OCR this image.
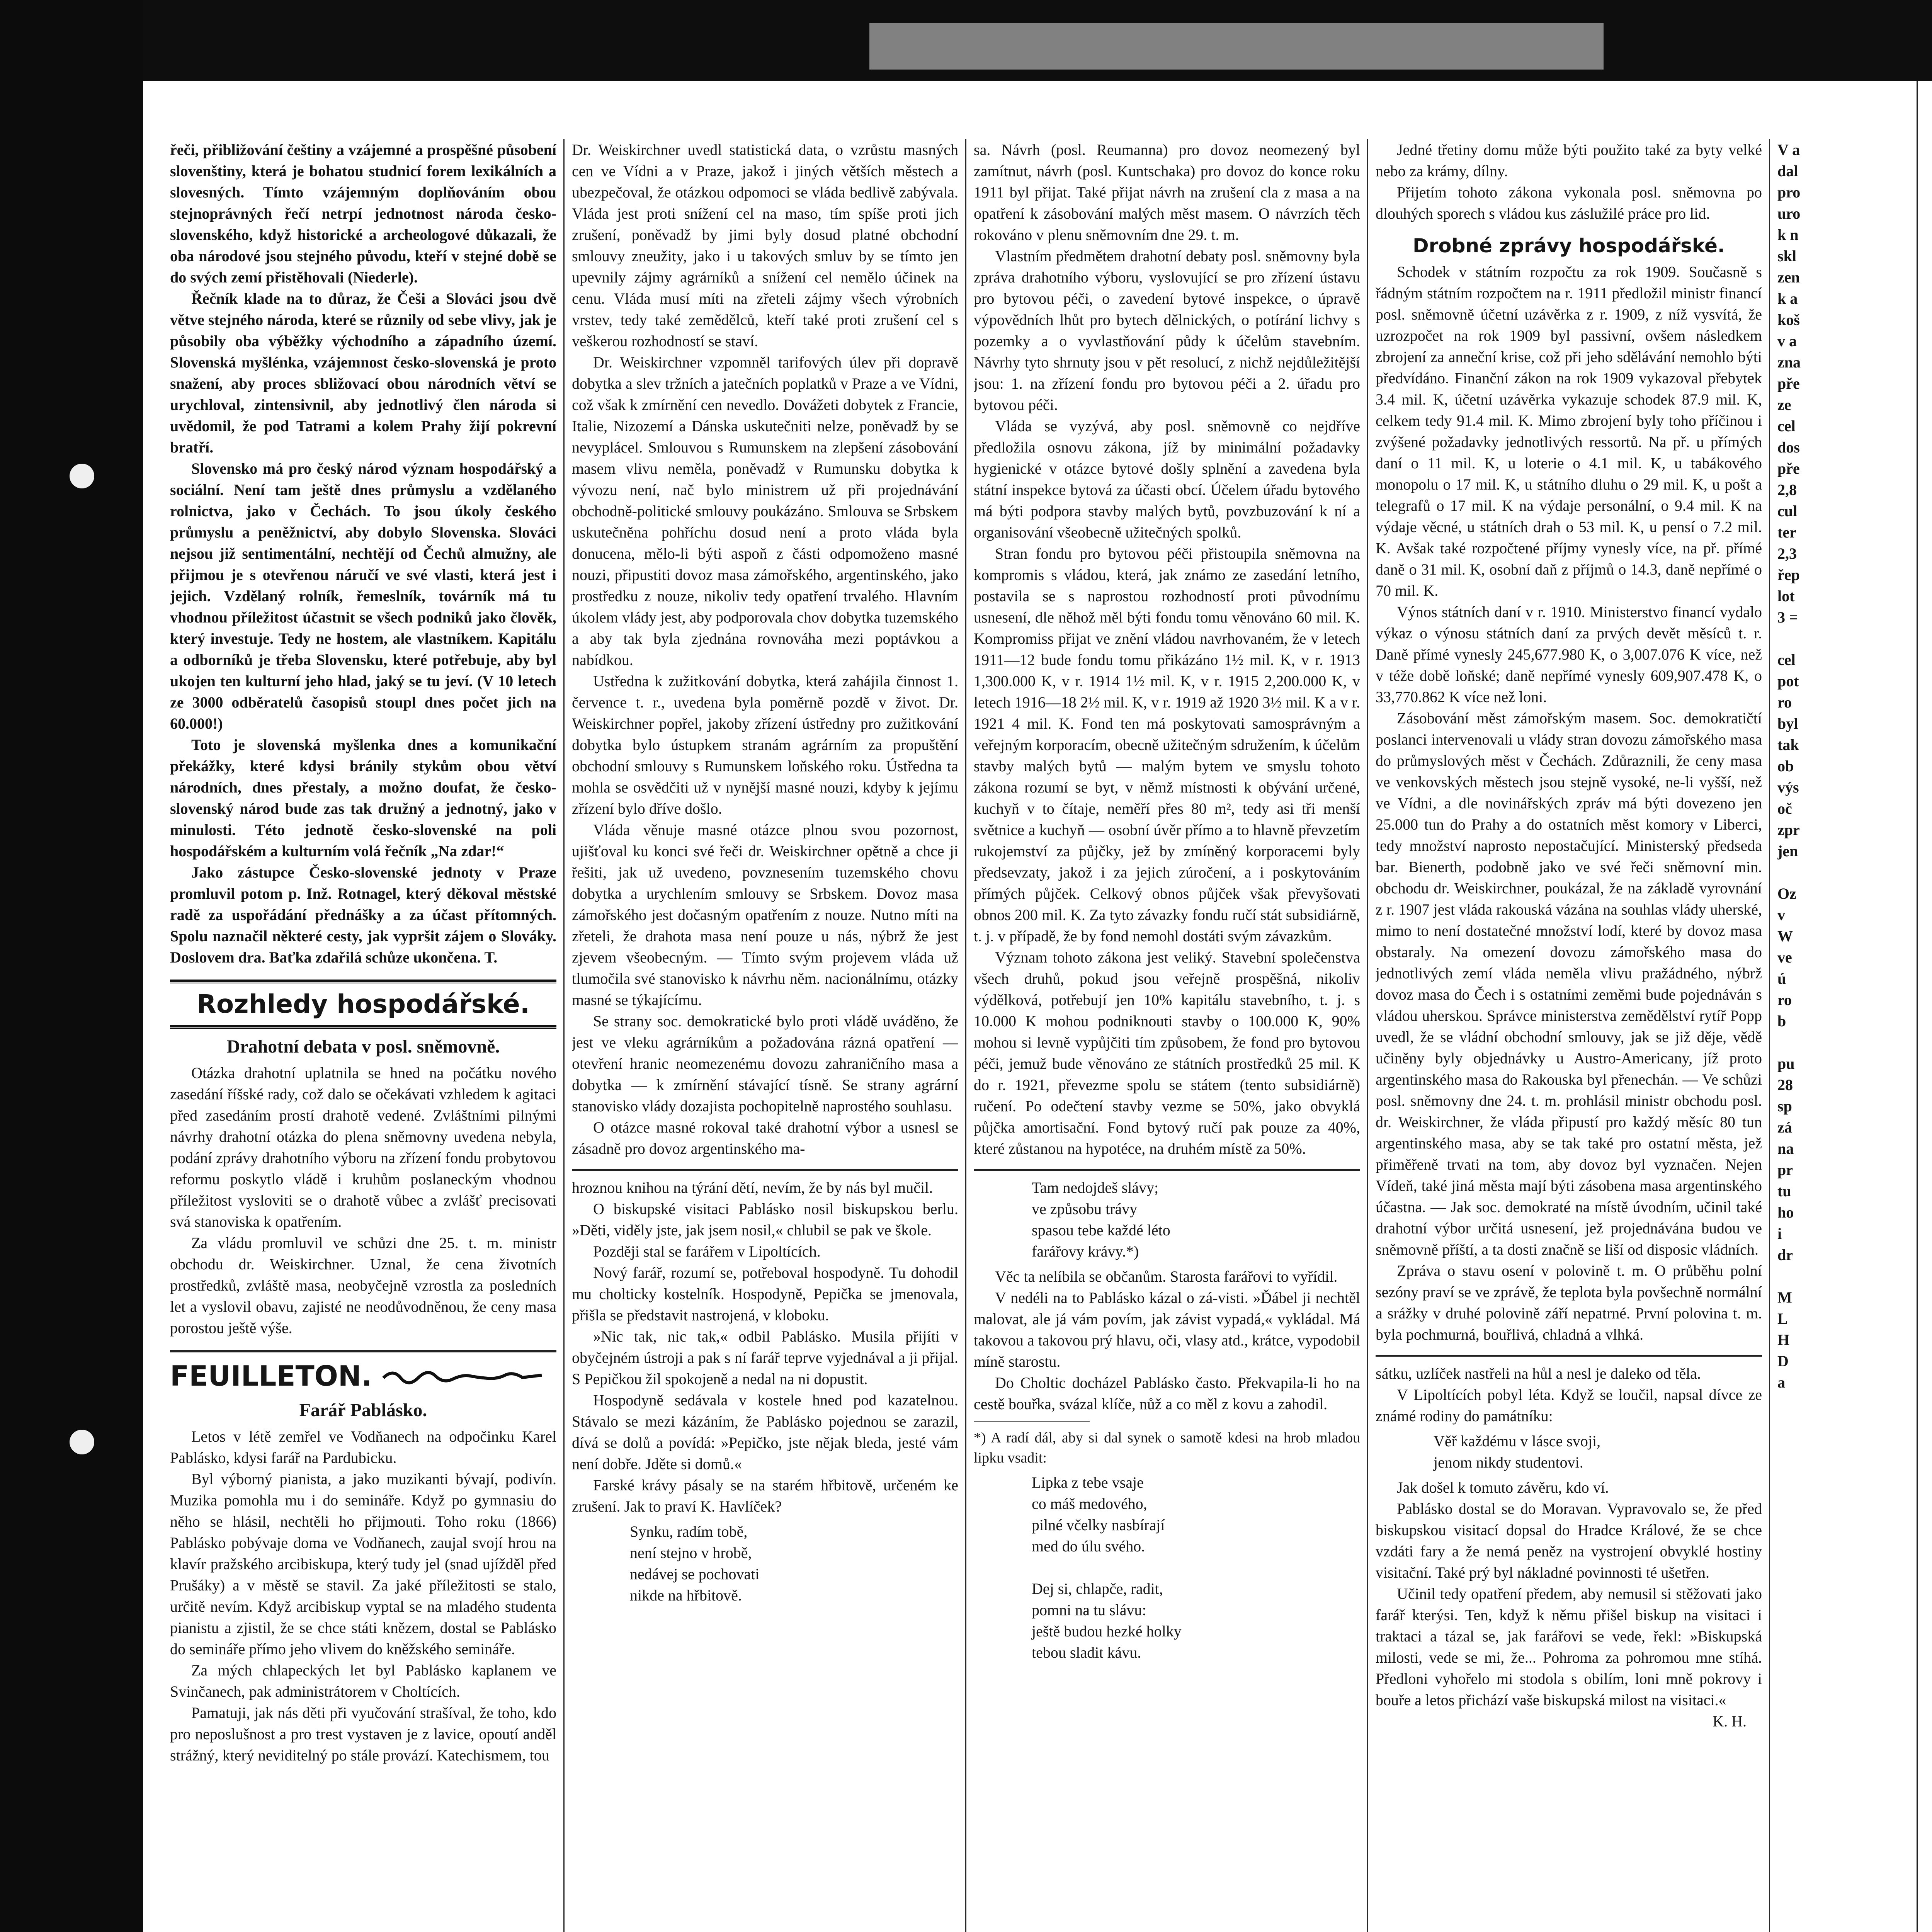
řeči, přibližování češtiny a vzájemné a prospěšné působení slovenštiny, která je bohatou studnicí forem lexikálních a slovesných. Tímto vzájemným doplňováním obou stejnoprávných řečí netrpí jednotnost národa česko-slovenského, když historické a archeologové důkazali, že oba národové jsou stejného původu, kteří v stejné době se do svých zemí přistěhovali (Niederle).
Řečník klade na to důraz, že Češi a Slováci jsou dvě větve stejného národa, které se různily od sebe vlivy, jak je působily oba výběžky východního a západního území. Slovenská myšlénka, vzájemnost česko-slovenská je proto snažení, aby proces sbližovací obou národních větví se urychloval, zintensivnil, aby jednotlivý člen národa si uvědomil, že pod Tatrami a kolem Prahy žijí pokrevní bratří.
Slovensko má pro český národ význam hospodářský a sociální. Není tam ještě dnes průmyslu a vzdělaného rolnictva, jako v Čechách. To jsou úkoly českého průmyslu a peněžnictví, aby dobylo Slovenska. Slováci nejsou již sentimentální, nechtějí od Čechů almužny, ale přijmou je s otevřenou náručí ve své vlasti, která jest i jejich. Vzdělaný rolník, řemeslník, továrník má tu vhodnou příležitost účastnit se všech podniků jako člověk, který investuje. Tedy ne hostem, ale vlastníkem. Kapitálu a odborníků je třeba Slovensku, které potřebuje, aby byl ukojen ten kulturní jeho hlad, jaký se tu jeví. (V 10 letech ze 3000 odběratelů časopisů stoupl dnes počet jich na 60.000!)
Toto je slovenská myšlenka dnes a komunikační překážky, které kdysi bránily stykům obou větví národních, dnes přestaly, a možno doufat, že česko-slovenský národ bude zas tak družný a jednotný, jako v minulosti. Této jednotě česko-slovenské na poli hospodářském a kulturním volá řečník „Na zdar!“
Jako zástupce Česko-slovenské jednoty v Praze promluvil potom p. Inž. Rotnagel, který děkoval městské radě za uspořádání přednášky a za účast přítomných. Spolu naznačil některé cesty, jak vypršit zájem o Slováky. Doslovem dra. Baťka zdařilá schůze ukončena. T.
Rozhledy hospodářské.
Drahotní debata v posl. sněmovně.
Otázka drahotní uplatnila se hned na počátku nového zasedání říšské rady, což dalo se očekávati vzhledem k agitaci před zasedáním prostí drahotě vedené. Zvláštními pilnými návrhy drahotní otázka do plena sněmovny uvedena nebyla, podání zprávy drahotního výboru na zřízení fondu probytovou reformu poskytlo vládě i kruhům poslaneckým vhodnou příležitost vysloviti se o drahotě vůbec a zvlášť precisovati svá stanoviska k opatřením.
Za vládu promluvil ve schůzi dne 25. t. m. ministr obchodu dr. Weiskirchner. Uznal, že cena životních prostředků, zvláště masa, neobyčejně vzrostla za posledních let a vyslovil obavu, zajisté ne neodůvodněnou, že ceny masa porostou ještě výše.
FEUILLETON.
Farář Pablásko.
Letos v létě zemřel ve Vodňanech na odpočinku Karel Pablásko, kdysi farář na Pardubicku.
Byl výborný pianista, a jako muzikanti bývají, podivín. Muzika pomohla mu i do semináře. Když po gymnasiu do něho se hlásil, nechtěli ho přijmouti. Toho roku (1866) Pablásko pobývaje doma ve Vodňanech, zaujal svojí hrou na klavír pražského arcibiskupa, který tudy jel (snad ujížděl před Prušáky) a v městě se stavil. Za jaké příležitosti se stalo, určitě nevím. Když arcibiskup vyptal se na mladého studenta pianistu a zjistil, že se chce státi knězem, dostal se Pablásko do semináře přímo jeho vlivem do kněžského semináře.
Za mých chlapeckých let byl Pablásko kaplanem ve Svinčanech, pak administrátorem v Choltících.
Pamatuji, jak nás děti při vyučování strašíval, že toho, kdo pro neposlušnost a pro trest vystaven je z lavice, opoutí anděl strážný, který neviditelný po stále provází. Katechismem, tou
Dr. Weiskirchner uvedl statistická data, o vzrůstu masných cen ve Vídni a v Praze, jakož i jiných větších městech a ubezpečoval, že otázkou odpomoci se vláda bedlivě zabývala. Vláda jest proti snížení cel na maso, tím spíše proti jich zrušení, poněvadž by jimi byly dosud platné obchodní smlouvy zneužity, jako i u takových smluv by se tímto jen upevnily zájmy agrárníků a snížení cel nemělo účinek na cenu. Vláda musí míti na zřeteli zájmy všech výrobních vrstev, tedy také zemědělců, kteří také proti zrušení cel s veškerou rozhodností se staví.
Dr. Weiskirchner vzpomněl tarifových úlev při dopravě dobytka a slev tržních a jatečních poplatků v Praze a ve Vídni, což však k zmírnění cen nevedlo. Dovážeti dobytek z Francie, Italie, Nizozemí a Dánska uskutečniti nelze, poněvadž by se nevyplácel. Smlouvou s Rumunskem na zlepšení zásobování masem vlivu neměla, poněvadž v Rumunsku dobytka k vývozu není, nač bylo ministrem už při projednávání obchodně-politické smlouvy poukázáno. Smlouva se Srbskem uskutečněna pohříchu dosud není a proto vláda byla donucena, mělo-li býti aspoň z části odpomoženo masné nouzi, připustiti dovoz masa zámořského, argentinského, jako prostředku z nouze, nikoliv tedy opatření trvalého. Hlavním úkolem vlády jest, aby podporovala chov dobytka tuzemského a aby tak byla zjednána rovnováha mezi poptávkou a nabídkou.
Ustředna k zužitkování dobytka, která zahájila činnost 1. července t. r., uvedena byla poměrně pozdě v život. Dr. Weiskirchner popřel, jakoby zřízení ústředny pro zužitkování dobytka bylo ústupkem stranám agrárním za propuštění obchodní smlouvy s Rumunskem loňského roku. Ústředna ta mohla se osvědčiti už v nynější masné nouzi, kdyby k jejímu zřízení bylo dříve došlo.
Vláda věnuje masné otázce plnou svou pozornost, ujišťoval ku konci své řeči dr. Weiskirchner opětně a chce ji řešiti, jak už uvedeno, povznesením tuzemského chovu dobytka a urychlením smlouvy se Srbskem. Dovoz masa zámořského jest dočasným opatřením z nouze. Nutno míti na zřeteli, že drahota masa není pouze u nás, nýbrž že jest zjevem všeobecným. — Tímto svým projevem vláda už tlumočila své stanovisko k návrhu něm. nacionálnímu, otázky masné se týkajícímu.
Se strany soc. demokratické bylo proti vládě uváděno, že jest ve vleku agrárníkům a požadována rázná opatření — otevření hranic neomezenému dovozu zahraničního masa a dobytka — k zmírnění stávající tísně. Se strany agrární stanovisko vlády dozajista pochopitelně naprostého souhlasu.
O otázce masné rokoval také drahotní výbor a usnesl se zásadně pro dovoz argentinského ma-
hroznou knihou na týrání dětí, nevím, že by nás byl mučil.
O biskupské visitaci Pablásko nosil biskupskou berlu. »Děti, viděly jste, jak jsem nosil,« chlubil se pak ve škole.
Později stal se farářem v Lipoltících.
Nový farář, rozumí se, potřeboval hospodyně. Tu dohodil mu cholticky kostelník. Hospodyně, Pepička se jmenovala, přišla se představit nastrojená, v kloboku.
»Nic tak, nic tak,« odbil Pablásko. Musila přijíti v obyčejném ústroji a pak s ní farář teprve vyjednával a ji přijal. S Pepičkou žil spokojeně a nedal na ni dopustit.
Hospodyně sedávala v kostele hned pod kazatelnou. Stávalo se mezi kázáním, že Pablásko pojednou se zarazil, dívá se dolů a povídá: »Pepičko, jste nějak bleda, jesté vám není dobře. Jděte si domů.«
Farské krávy pásaly se na starém hřbitově, určeném ke zrušení. Jak to praví K. Havlíček?
Synku, radím tobě,
není stejno v hrobě,
nedávej se pochovati
nikde na hřbitově.
sa. Návrh (posl. Reumanna) pro dovoz neomezený byl zamítnut, návrh (posl. Kuntschaka) pro dovoz do konce roku 1911 byl přijat. Také přijat návrh na zrušení cla z masa a na opatření k zásobování malých měst masem. O návrzích těch rokováno v plenu sněmovním dne 29. t. m.
Vlastním předmětem drahotní debaty posl. sněmovny byla zpráva drahotního výboru, vyslovující se pro zřízení ústavu pro bytovou péči, o zavedení bytové inspekce, o úpravě výpovědních lhůt pro bytech dělnických, o potírání lichvy s pozemky a o vyvlastňování půdy k účelům stavebním. Návrhy tyto shrnuty jsou v pět resolucí, z nichž nejdůležitější jsou: 1. na zřízení fondu pro bytovou péči a 2. úřadu pro bytovou péči.
Vláda se vyzývá, aby posl. sněmovně co nejdříve předložila osnovu zákona, jíž by minimální požadavky hygienické v otázce bytové došly splnění a zavedena byla státní inspekce bytová za účasti obcí. Účelem úřadu bytového má býti podpora stavby malých bytů, povzbuzování k ní a organisování všeobecně užitečných spolků.
Stran fondu pro bytovou péči přistoupila sněmovna na kompromis s vládou, která, jak známo ze zasedání letního, postavila se s naprostou rozhodností proti původnímu usnesení, dle něhož měl býti fondu tomu věnováno 60 mil. K. Kompromiss přijat ve znění vládou navrhovaném, že v letech 1911—12 bude fondu tomu přikázáno 1½ mil. K, v r. 1913 1,300.000 K, v r. 1914 1½ mil. K, v r. 1915 2,200.000 K, v letech 1916—18 2½ mil. K, v r. 1919 až 1920 3½ mil. K a v r. 1921 4 mil. K. Fond ten má poskytovati samosprávným a veřejným korporacím, obecně užitečným sdružením, k účelům stavby malých bytů — malým bytem ve smyslu tohoto zákona rozumí se byt, v němž místnosti k obývání určené, kuchyň v to čítaje, neměří přes 80 m², tedy asi tři menší světnice a kuchyň — osobní úvěr přímo a to hlavně převzetím rukojemství za půjčky, jež by zmíněný korporacemi byly předsevzaty, jakož i za jejich zúročení, a i poskytováním přímých půjček. Celkový obnos půjček však převyšovati obnos 200 mil. K. Za tyto závazky fondu ručí stát subsidiárně, t. j. v případě, že by fond nemohl dostáti svým závazkům.
Význam tohoto zákona jest veliký. Stavební společenstva všech druhů, pokud jsou veřejně prospěšná, nikoliv výdělková, potřebují jen 10% kapitálu stavebního, t. j. s 10.000 K mohou podniknouti stavby o 100.000 K, 90% mohou si levně vypůjčiti tím způsobem, že fond pro bytovou péči, jemuž bude věnováno ze státních prostředků 25 mil. K do r. 1921, převezme spolu se státem (tento subsidiárně) ručení. Po odečtení stavby vezme se 50%, jako obvyklá půjčka amortisační. Fond bytový ručí pak pouze za 40%, které zůstanou na hypotéce, na druhém místě za 50%.
Tam nedojdeš slávy;
ve způsobu trávy
spasou tebe každé léto
farářovy krávy.*)
Věc ta nelíbila se občanům. Starosta farářovi to vyřídil.
V nedéli na to Pablásko kázal o zá-visti. »Ďábel ji nechtěl malovat, ale já vám povím, jak závist vypadá,« vykládal. Má takovou a takovou prý hlavu, oči, vlasy atd., krátce, vypodobil míně starostu.
Do Choltic docházel Pablásko často. Překvapila-li ho na cestě bouřka, svázal klíče, nůž a co měl z kovu a zahodil.
*) A radí dál, aby si dal synek o samotě kdesi na hrob mladou lipku vsadit:
Lipka z tebe vsaje
co máš medového,
pilné včelky nasbírají
med do úlu svého.

Dej si, chlapče, radit,
pomni na tu slávu:
ještě budou hezké holky
tebou sladit kávu.
Jedné třetiny domu může býti použito také za byty velké nebo za krámy, dílny.
Přijetím tohoto zákona vykonala posl. sněmovna po dlouhých sporech s vládou kus záslužilé práce pro lid.
Drobné zprávy hospodářské.
Schodek v státním rozpočtu za rok 1909. Současně s řádným státním rozpočtem na r. 1911 předložil ministr financí posl. sněmovně účetní uzávěrka z r. 1909, z níž vysvítá, že uzrozpočet na rok 1909 byl passivní, ovšem následkem zbrojení za anneční krise, což při jeho sdělávání nemohlo býti předvídáno. Finanční zákon na rok 1909 vykazoval přebytek 3.4 mil. K, účetní uzávěrka vykazuje schodek 87.9 mil. K, celkem tedy 91.4 mil. K. Mimo zbrojení byly toho příčinou i zvýšené požadavky jednotlivých ressortů. Na př. u přímých daní o 11 mil. K, u loterie o 4.1 mil. K, u tabákového monopolu o 17 mil. K, u státního dluhu o 29 mil. K, u pošt a telegrafů o 17 mil. K na výdaje personální, o 9.4 mil. K na výdaje věcné, u státních drah o 53 mil. K, u pensí o 7.2 mil. K. Avšak také rozpočtené příjmy vynesly více, na př. přímé daně o 31 mil. K, osobní daň z příjmů o 14.3, daně nepřímé o 70 mil. K.
Výnos státních daní v r. 1910. Ministerstvo financí vydalo výkaz o výnosu státních daní za prvých devět měsíců t. r. Daně přímé vynesly 245,677.980 K, o 3,007.076 K více, než v téže době loňské; daně nepřímé vynesly 609,907.478 K, o 33,770.862 K více než loni.
Zásobování měst zámořským masem. Soc. demokratičtí poslanci intervenovali u vlády stran dovozu zámořského masa do průmyslových měst v Čechách. Zdůraznili, že ceny masa ve venkovských městech jsou stejně vysoké, ne-li vyšší, než ve Vídni, a dle novinářských zpráv má býti dovezeno jen 25.000 tun do Prahy a do ostatních měst komory v Liberci, tedy množství naprosto nepostačující. Ministerský předseda bar. Bienerth, podobně jako ve své řeči sněmovní min. obchodu dr. Weiskirchner, poukázal, že na základě vyrovnání z r. 1907 jest vláda rakouská vázána na souhlas vlády uherské, mimo to není dostatečné množství lodí, které by dovoz masa obstaraly. Na omezení dovozu zámořského masa do jednotlivých zemí vláda neměla vlivu pražádného, nýbrž dovoz masa do Čech i s ostatními zeměmi bude pojednáván s vládou uherskou. Správce ministerstva zemědělství rytíř Popp uvedl, že se vládní obchodní smlouvy, jak se již děje, vědě učiněny byly objednávky u Austro-Americany, jíž proto argentinského masa do Rakouska byl přenechán. — Ve schůzi posl. sněmovny dne 24. t. m. prohlásil ministr obchodu posl. dr. Weiskirchner, že vláda připustí pro každý měsíc 80 tun argentinského masa, aby se tak také pro ostatní města, jež přiměřeně trvati na tom, aby dovoz byl vyznačen. Nejen Vídeň, také jiná města mají býti zásobena masa argentinského účastna. — Jak soc. demokraté na místě úvodním, učinil také drahotní výbor určitá usnesení, jež projednávána budou ve sněmovně příští, a ta dosti značně se liší od disposic vládních.
Zpráva o stavu osení v polovině t. m. O průběhu polní sezóny praví se ve zprávě, že teplota byla povšechně normální a srážky v druhé polovině září nepatrné. První polovina t. m. byla pochmurná, bouřlivá, chladná a vlhká.
sátku, uzlíček nastřeli na hůl a nesl je daleko od těla.
V Lipoltících pobyl léta. Když se loučil, napsal dívce ze známé rodiny do památníku:
Věř každému v lásce svoji,
jenom nikdy studentovi.
Jak došel k tomuto závěru, kdo ví.
Pablásko dostal se do Moravan. Vypravovalo se, že před biskupskou visitací dopsal do Hradce Králové, že se chce vzdáti fary a že nemá peněz na vystrojení obvyklé hostiny visitační. Také prý byl nákladné povinnosti té ušetřen.
Učinil tedy opatření předem, aby nemusil si stěžovati jako farář kterýsi. Ten, když k němu přišel biskup na visitaci i traktaci a tázal se, jak farářovi se vede, řekl: »Biskupská milosti, vede se mi, že... Pohroma za pohromou mne stíhá. Předloni vyhořelo mi stodola s obilím, loni mně pokrovy i bouře a letos přichází vaše biskupská milost na visitaci.«
K. H.
V a
dal
pro
uro
k n
skl
zen
k a
koš
v a
zna
pře
ze
cel
dos
pře
2,8
cul
ter
2,3
řep
lot
3 =

cel
pot
ro
byl
tak
ob
výs
oč
zpr
jen

Oz
v
W
ve
ú
ro
b

pu
28
sp
zá
na
pr
tu
ho
i
dr

M
L
H
D
a
